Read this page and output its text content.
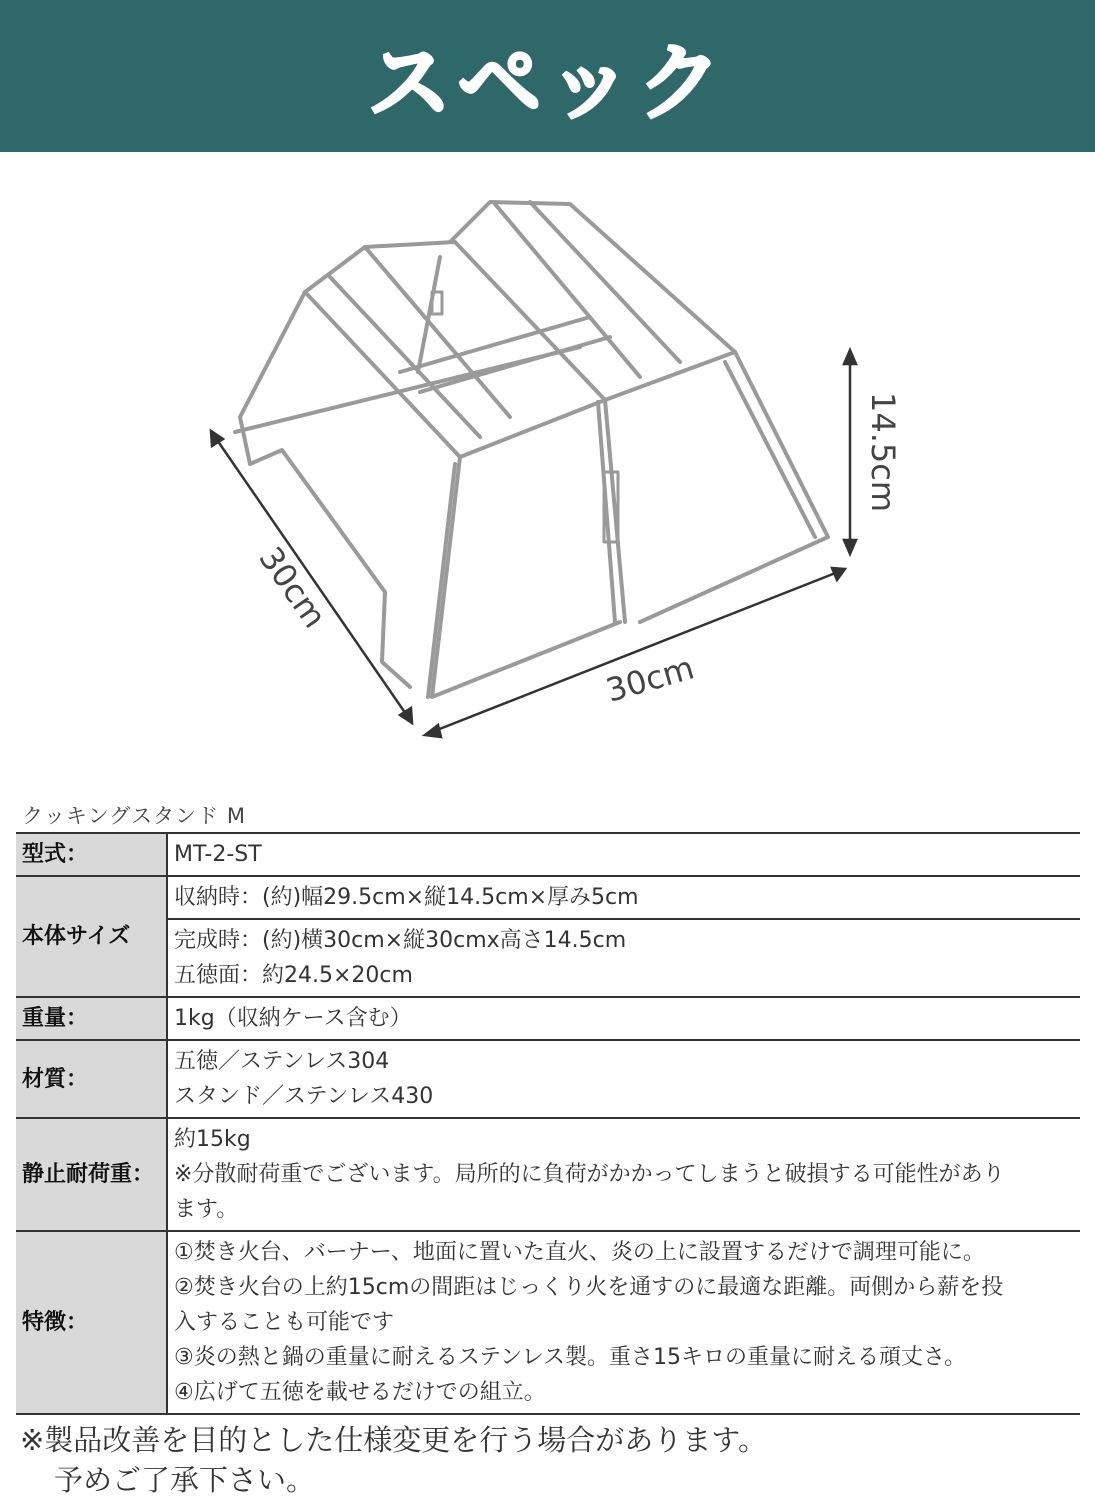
スペック
14.5cm
30cm
30cm
クッキングスタンド M
型式：	MT-2-ST
本体サイズ	収納時：(約)幅29.5cm×縦14.5cm×厚み5cm

	完成時：(約)横30cm×縦30cmx高さ14.5cm
五徳面：約24.5×20cm

重量：	1kg（収納ケース含む）
材質：	五徳／ステンレス304
スタンド／ステンレス430

静止耐荷重：	約15kg
※分散耐荷重でございます。局所的に負荷がかかってしまうと破損する可能性があり
ます。

特徴：	①焚き火台、バーナー、地面に置いた直火、炎の上に設置するだけで調理可能に。
②焚き火台の上約15cmの間距はじっくり火を通すのに最適な距離。両側から薪を投
入することも可能です
③炎の熱と鍋の重量に耐えるステンレス製。重さ15キロの重量に耐える頑丈さ。
④広げて五徳を載せるだけでの組立。
※製品改善を目的とした仕様変更を行う場合があります。
予めご了承下さい。
